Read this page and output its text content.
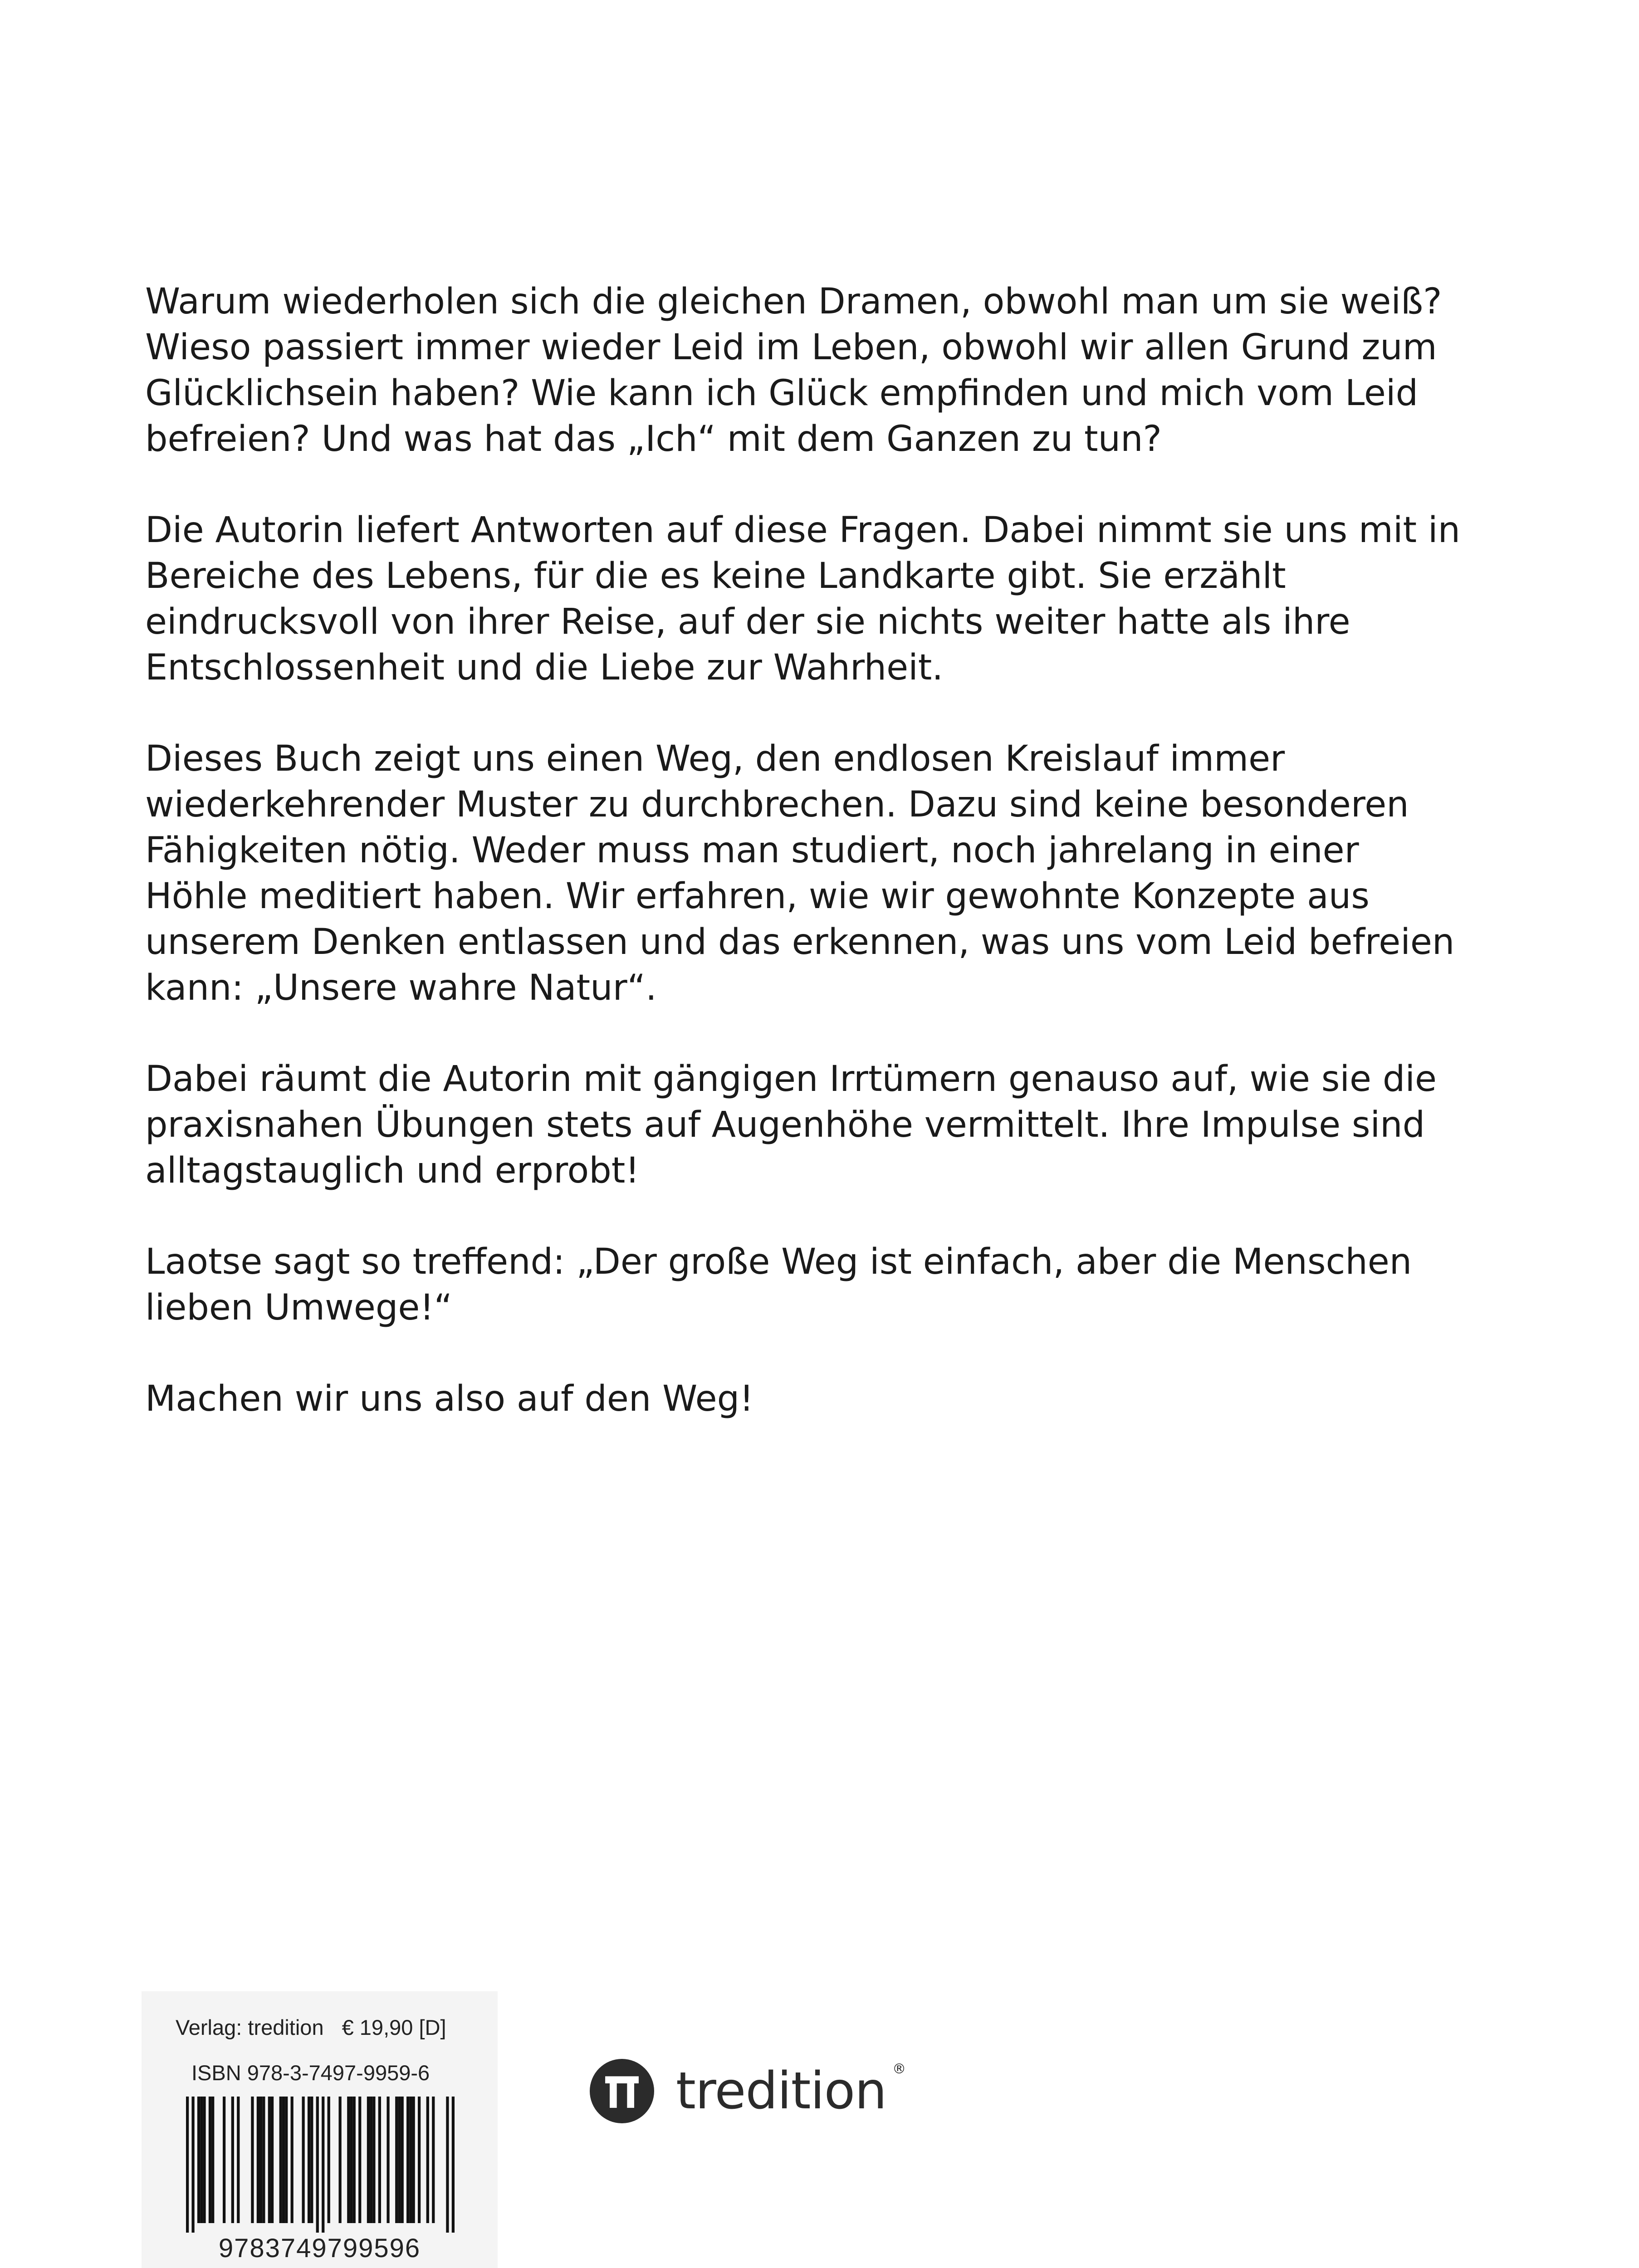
Warum wiederholen sich die gleichen Dramen, obwohl man um sie weiß? Wieso passiert immer wieder Leid im Leben, obwohl wir allen Grund zum Glücklichsein haben? Wie kann ich Glück empfinden und mich vom Leid befreien? Und was hat das „Ich“ mit dem Ganzen zu tun?

Die Autorin liefert Antworten auf diese Fragen. Dabei nimmt sie uns mit in Bereiche des Lebens, für die es keine Landkarte gibt. Sie erzählt eindrucksvoll von ihrer Reise, auf der sie nichts weiter hatte als ihre Entschlossenheit und die Liebe zur Wahrheit.

Dieses Buch zeigt uns einen Weg, den endlosen Kreislauf immer wiederkehrender Muster zu durchbrechen. Dazu sind keine besonderen Fähigkeiten nötig. Weder muss man studiert, noch jahrelang in einer Höhle meditiert haben. Wir erfahren, wie wir gewohnte Konzepte aus unserem Denken entlassen und das erkennen, was uns vom Leid befreien kann: „Unsere wahre Natur“.

Dabei räumt die Autorin mit gängigen Irrtümern genauso auf, wie sie die praxisnahen Übungen stets auf Augenhöhe vermittelt. Ihre Impulse sind alltagstauglich und erprobt!

Laotse sagt so treffend: „Der große Weg ist einfach, aber die Menschen lieben Umwege!“

Machen wir uns also auf den Weg!

Verlag: tredition € 19,90 [D]
ISBN 978-3-7497-9959-6
9783749799596
tredition ®
